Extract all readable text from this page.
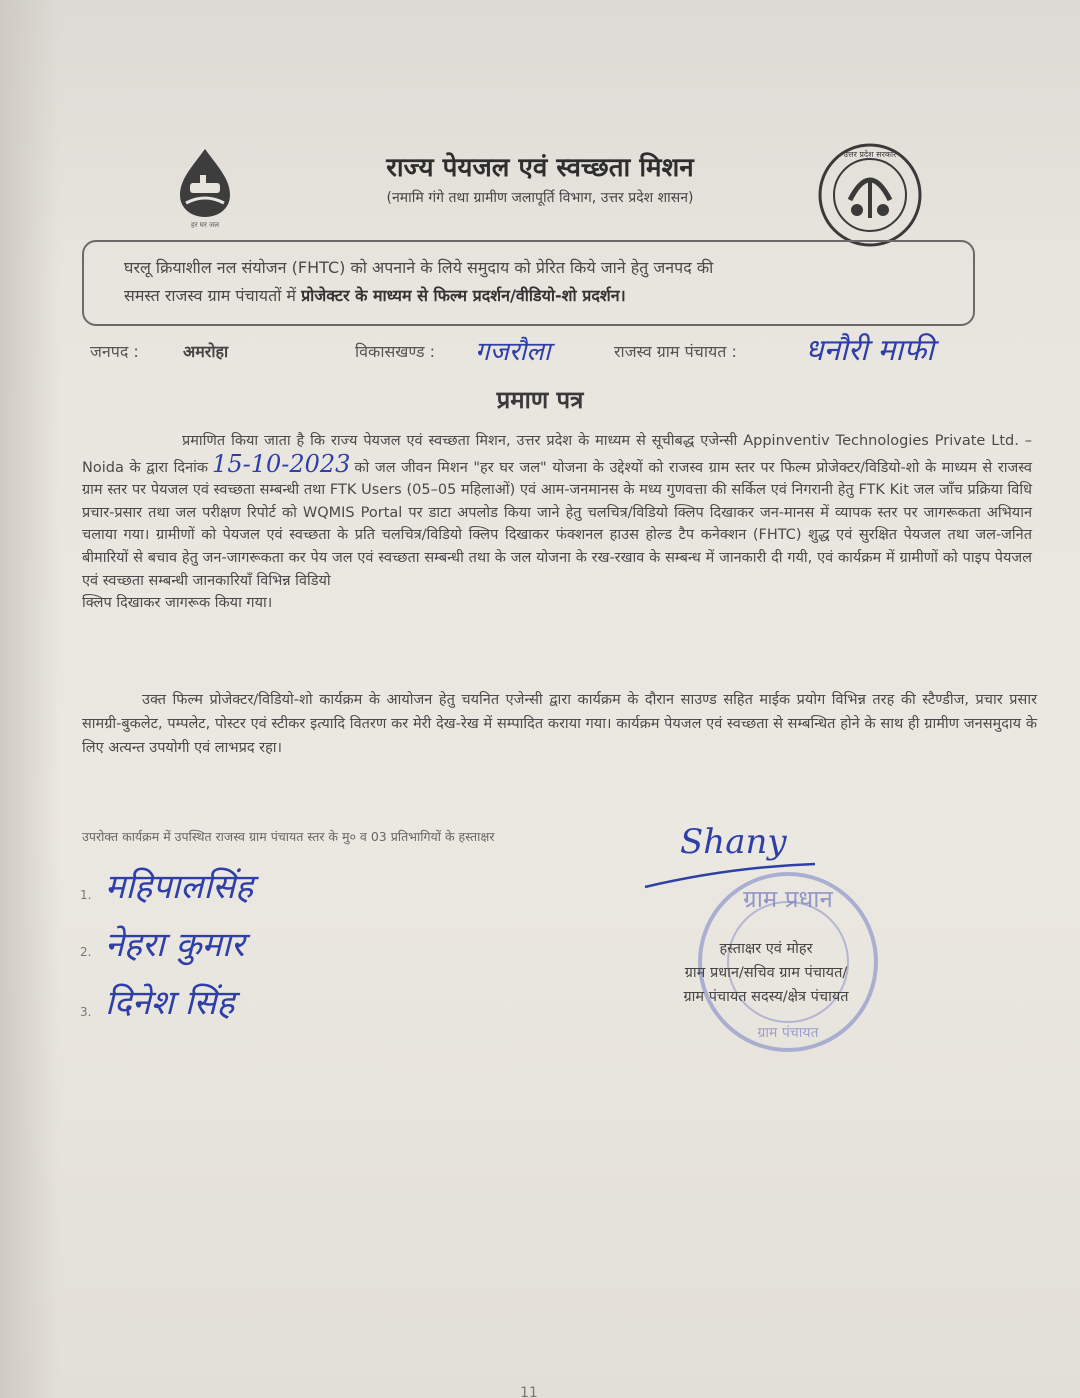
हर घर जल
राज्य पेयजल एवं स्वच्छता मिशन
(नमामि गंगे तथा ग्रामीण जलापूर्ति विभाग, उत्तर प्रदेश शासन)
उत्तर प्रदेश सरकार
घरलू क्रियाशील नल संयोजन (FHTC) को अपनाने के लिये समुदाय को प्रेरित किये जाने हेतु जनपद की
समस्त राजस्व ग्राम पंचायतों में प्रोजेक्टर के माध्यम से फिल्म प्रदर्शन/वीडियो-शो प्रदर्शन।
जनपद :	अमरोहा	विकासखण्ड : गजरौला	राजस्व ग्राम पंचायत : धनौरी माफी
प्रमाण पत्र

प्रमाणित किया जाता है कि राज्य पेयजल एवं स्वच्छता मिशन, उत्तर प्रदेश के माध्यम से सूचीबद्ध एजेन्सी Appinventiv Technologies Private Ltd. – Noida के द्वारा दिनांक 15-10-2023 को जल जीवन मिशन "हर घर जल" योजना के उद्देश्यों को राजस्व ग्राम स्तर पर फिल्म प्रोजेक्टर/विडियो-शो के माध्यम से राजस्व ग्राम स्तर पर पेयजल एवं स्वच्छता सम्बन्धी तथा FTK Users (05–05 महिलाओं) एवं आम-जनमानस के मध्य गुणवत्ता की सर्किल एवं निगरानी हेतु FTK Kit जल जाँच प्रक्रिया विधि प्रचार-प्रसार तथा जल परीक्षण रिपोर्ट को WQMIS Portal पर डाटा अपलोड किया जाने हेतु चलचित्र/विडियो क्लिप दिखाकर जन-मानस में व्यापक स्तर पर जागरूकता अभियान चलाया गया। ग्रामीणों को पेयजल एवं स्वच्छता के प्रति चलचित्र/विडियो क्लिप दिखाकर फंक्शनल हाउस होल्ड टैप कनेक्शन (FHTC) शुद्ध एवं सुरक्षित पेयजल तथा जल-जनित बीमारियों से बचाव हेतु जन-जागरूकता कर पेय जल एवं स्वच्छता सम्बन्धी तथा के जल योजना के रख-रखाव के सम्बन्ध में जानकारी दी गयी, एवं कार्यक्रम में ग्रामीणों को पाइप पेयजल एवं स्वच्छता सम्बन्धी जानकारियाँ विभिन्न विडियो

क्लिप दिखाकर जागरूक किया गया।

उक्त फिल्म प्रोजेक्टर/विडियो-शो कार्यक्रम के आयोजन हेतु चयनित एजेन्सी द्वारा कार्यक्रम के दौरान साउण्ड सहित माईक प्रयोग विभिन्न तरह की स्टैण्डीज, प्रचार प्रसार सामग्री-बुकलेट, पम्पलेट, पोस्टर एवं स्टीकर इत्यादि वितरण कर मेरी देख-रेख में सम्पादित कराया गया। कार्यक्रम पेयजल एवं स्वच्छता से सम्बन्धित होने के साथ ही ग्रामीण जनसमुदाय के लिए अत्यन्त उपयोगी एवं लाभप्रद रहा।

उपरोक्त कार्यक्रम में उपस्थित राजस्व ग्राम पंचायत स्तर के मु० व 03 प्रतिभागियों के हस्ताक्षर
1. महिपालसिंह
2. नेहरा कुमार
3. दिनेश सिंह
Shany
ग्राम प्रधान
ग्राम पंचायत
हस्ताक्षर एवं मोहर
ग्राम प्रधान/सचिव ग्राम पंचायत/
ग्राम पंचायत सदस्य/क्षेत्र पंचायत
11
